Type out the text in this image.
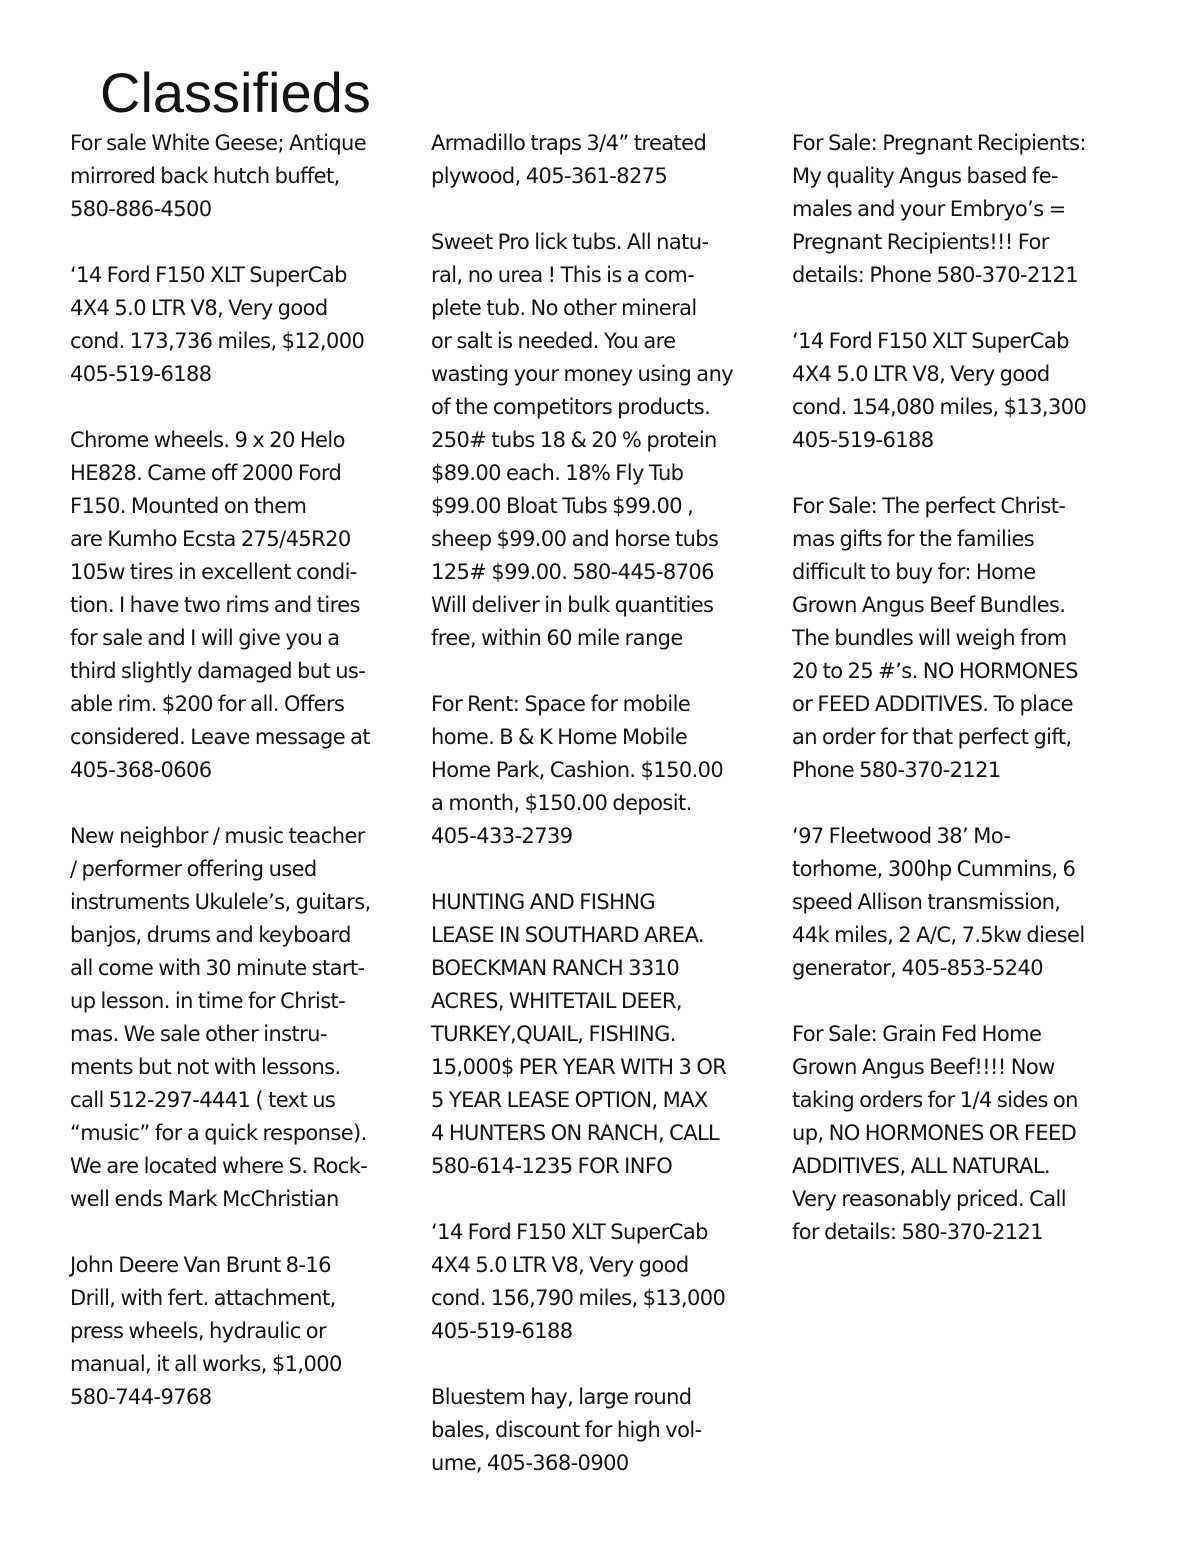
Classifieds

For sale White Geese; Antique
mirrored back hutch buffet,
580-886-4500

‘14 Ford F150 XLT SuperCab
4X4 5.0 LTR V8, Very good
cond. 173,736 miles, $12,000
405-519-6188

Chrome wheels. 9 x 20 Helo
HE828. Came off 2000 Ford
F150. Mounted on them
are Kumho Ecsta 275/45R20
105w tires in excellent condi-
tion. I have two rims and tires
for sale and I will give you a
third slightly damaged but us-
able rim. $200 for all. Offers
considered. Leave message at
405-368-0606

New neighbor / music teacher
/ performer offering used
instruments Ukulele’s, guitars,
banjos, drums and keyboard
all come with 30 minute start-
up lesson. in time for Christ-
mas. We sale other instru-
ments but not with lessons.
call 512-297-4441 ( text us
“music” for a quick response).
We are located where S. Rock-
well ends Mark McChristian

John Deere Van Brunt 8-16
Drill, with fert. attachment,
press wheels, hydraulic or
manual, it all works, $1,000
580-744-9768

Armadillo traps 3/4” treated
plywood, 405-361-8275

Sweet Pro lick tubs. All natu-
ral, no urea ! This is a com-
plete tub. No other mineral
or salt is needed. You are
wasting your money using any
of the competitors products.
250# tubs 18 & 20 % protein
$89.00 each. 18% Fly Tub
$99.00 Bloat Tubs $99.00 ,
sheep $99.00 and horse tubs
125# $99.00. 580-445-8706
Will deliver in bulk quantities
free, within 60 mile range

For Rent: Space for mobile
home. B & K Home Mobile
Home Park, Cashion. $150.00
a month, $150.00 deposit.
405-433-2739

HUNTING AND FISHNG
LEASE IN SOUTHARD AREA.
BOECKMAN RANCH 3310
ACRES, WHITETAIL DEER,
TURKEY,QUAIL, FISHING.
15,000$ PER YEAR WITH 3 OR
5 YEAR LEASE OPTION, MAX
4 HUNTERS ON RANCH, CALL
580-614-1235 FOR INFO

‘14 Ford F150 XLT SuperCab
4X4 5.0 LTR V8, Very good
cond. 156,790 miles, $13,000
405-519-6188

Bluestem hay, large round
bales, discount for high vol-
ume, 405-368-0900

For Sale: Pregnant Recipients:
My quality Angus based fe-
males and your Embryo’s =
Pregnant Recipients!!! For
details: Phone 580-370-2121

‘14 Ford F150 XLT SuperCab
4X4 5.0 LTR V8, Very good
cond. 154,080 miles, $13,300
405-519-6188

For Sale: The perfect Christ-
mas gifts for the families
difficult to buy for: Home
Grown Angus Beef Bundles.
The bundles will weigh from
20 to 25 #’s. NO HORMONES
or FEED ADDITIVES. To place
an order for that perfect gift,
Phone 580-370-2121

‘97 Fleetwood 38’ Mo-
torhome, 300hp Cummins, 6
speed Allison transmission,
44k miles, 2 A/C, 7.5kw diesel
generator, 405-853-5240

For Sale: Grain Fed Home
Grown Angus Beef!!!! Now
taking orders for 1/4 sides on
up, NO HORMONES OR FEED
ADDITIVES, ALL NATURAL.
Very reasonably priced. Call
for details: 580-370-2121
